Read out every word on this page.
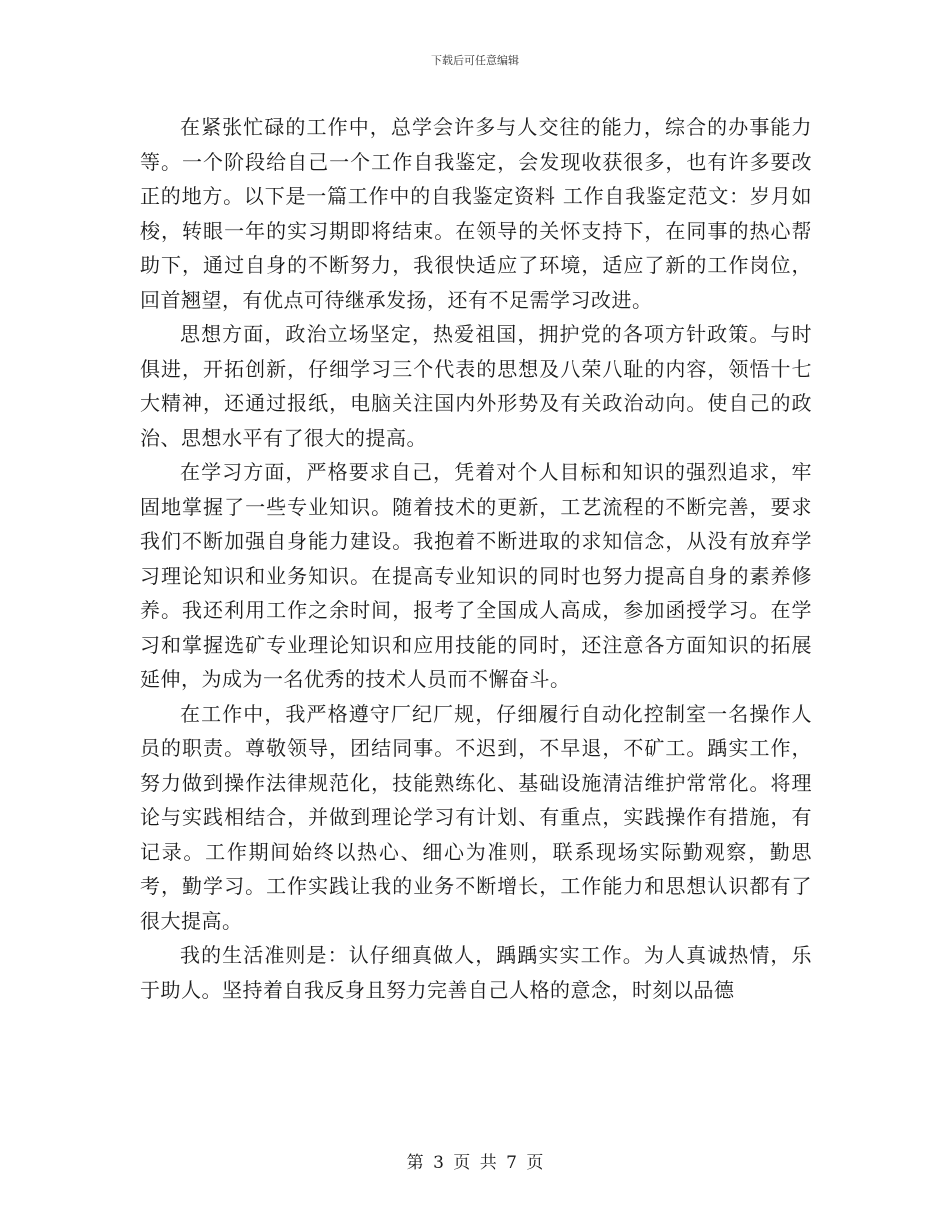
下载后可任意编辑

在紧张忙碌的工作中，总学会许多与人交往的能力，综合的办事能力等。一个阶段给自己一个工作自我鉴定，会发现收获很多，也有许多要改正的地方。以下是一篇工作中的自我鉴定资料 工作自我鉴定范文：岁月如梭，转眼一年的实习期即将结束。在领导的关怀支持下，在同事的热心帮助下，通过自身的不断努力，我很快适应了环境，适应了新的工作岗位，回首翘望，有优点可待继承发扬，还有不足需学习改进。

思想方面，政治立场坚定，热爱祖国，拥护党的各项方针政策。与时俱进，开拓创新，仔细学习三个代表的思想及八荣八耻的内容，领悟十七大精神，还通过报纸，电脑关注国内外形势及有关政治动向。使自己的政治、思想水平有了很大的提高。

在学习方面，严格要求自己，凭着对个人目标和知识的强烈追求，牢固地掌握了一些专业知识。随着技术的更新，工艺流程的不断完善，要求我们不断加强自身能力建设。我抱着不断进取的求知信念，从没有放弃学习理论知识和业务知识。在提高专业知识的同时也努力提高自身的素养修养。我还利用工作之余时间，报考了全国成人高成，参加函授学习。在学习和掌握选矿专业理论知识和应用技能的同时，还注意各方面知识的拓展延伸，为成为一名优秀的技术人员而不懈奋斗。

在工作中，我严格遵守厂纪厂规，仔细履行自动化控制室一名操作人员的职责。尊敬领导，团结同事。不迟到，不早退，不矿工。踽实工作，努力做到操作法律规范化，技能熟练化、基础设施清洁维护常常化。将理论与实践相结合，并做到理论学习有计划、有重点，实践操作有措施，有记录。工作期间始终以热心、细心为准则，联系现场实际勤观察，勤思考，勤学习。工作实践让我的业务不断增长，工作能力和思想认识都有了很大提高。

我的生活准则是：认仔细真做人，踽踽实实工作。为人真诚热情，乐于助人。坚持着自我反身且努力完善自己人格的意念，时刻以品德

第 3 页 共 7 页
